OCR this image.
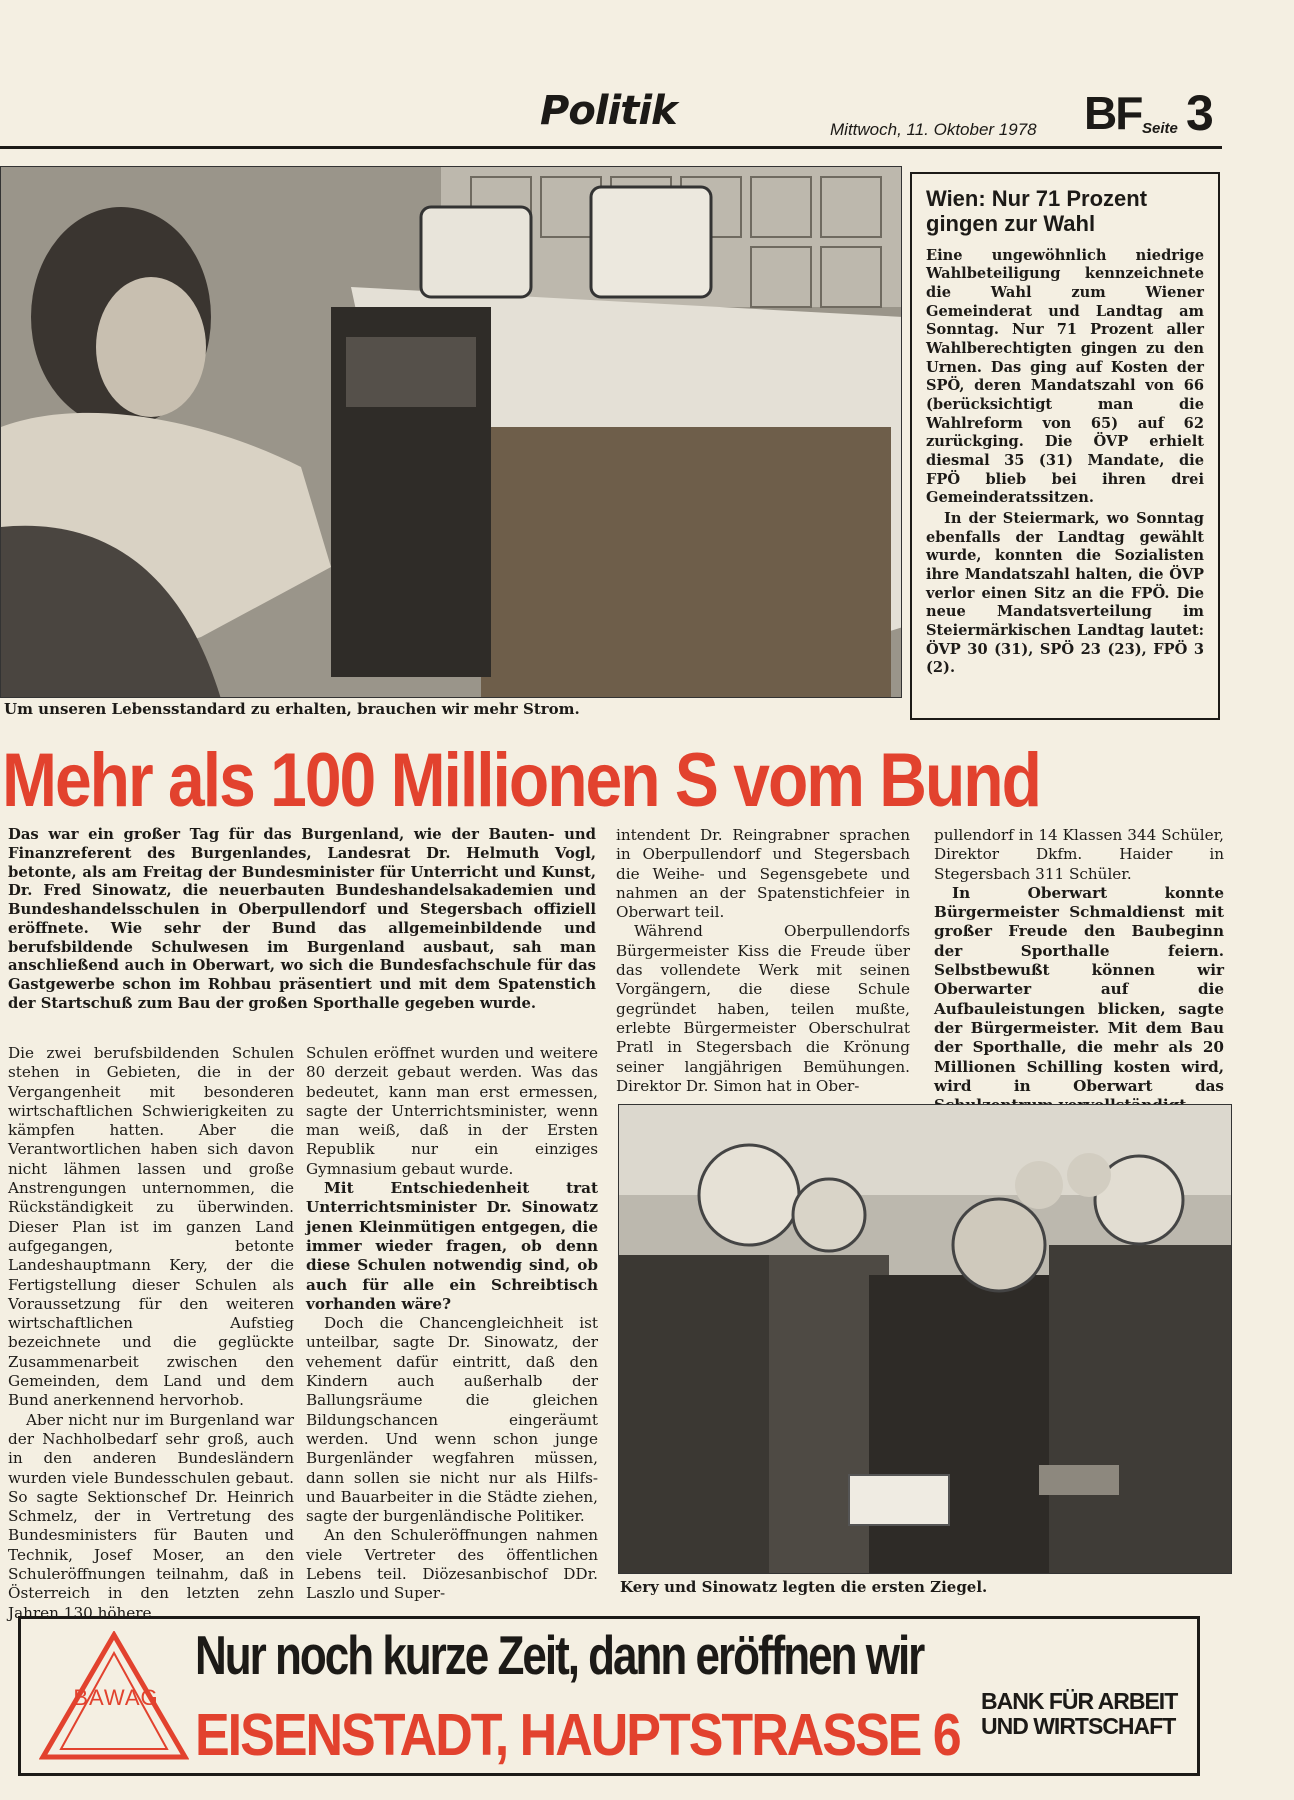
Politik	Mittwoch, 11. Oktober 1978 BF Seite 3
Um unseren Lebensstandard zu erhalten, brauchen wir mehr Strom.
Wien: Nur 71 Prozent gingen zur Wahl

Eine ungewöhnlich niedrige Wahlbeteiligung kennzeichnete die Wahl zum Wiener Gemeinderat und Landtag am Sonntag. Nur 71 Prozent aller Wahlberechtigten gingen zu den Urnen. Das ging auf Kosten der SPÖ, deren Mandatszahl von 66 (berücksichtigt man die Wahlreform von 65) auf 62 zurückging. Die ÖVP erhielt diesmal 35 (31) Mandate, die FPÖ blieb bei ihren drei Gemeinderatssitzen.

In der Steiermark, wo Sonntag ebenfalls der Landtag gewählt wurde, konnten die Sozialisten ihre Mandatszahl halten, die ÖVP verlor einen Sitz an die FPÖ. Die neue Mandatsverteilung im Steiermärkischen Landtag lautet: ÖVP 30 (31), SPÖ 23 (23), FPÖ 3 (2).

Mehr als 100 Millionen S vom Bund

Das war ein großer Tag für das Burgenland, wie der Bauten- und Finanzreferent des Burgenlandes, Landesrat Dr. Helmuth Vogl, betonte, als am Freitag der Bundesminister für Unterricht und Kunst, Dr. Fred Sinowatz, die neuerbauten Bundeshandelsakademien und Bundeshandelsschulen in Oberpullendorf und Stegersbach offiziell eröffnete. Wie sehr der Bund das allgemeinbildende und berufsbildende Schulwesen im Burgenland ausbaut, sah man anschließend auch in Oberwart, wo sich die Bundesfachschule für das Gastgewerbe schon im Rohbau präsentiert und mit dem Spatenstich der Startschuß zum Bau der großen Sporthalle gegeben wurde.

Die zwei berufsbildenden Schulen stehen in Gebieten, die in der Vergangenheit mit besonderen wirtschaftlichen Schwierigkeiten zu kämpfen hatten. Aber die Verantwortlichen haben sich davon nicht lähmen lassen und große Anstrengungen unternommen, die Rückständigkeit zu überwinden. Dieser Plan ist im ganzen Land aufgegangen, betonte Landeshauptmann Kery, der die Fertigstellung dieser Schulen als Voraussetzung für den weiteren wirtschaftlichen Aufstieg bezeichnete und die geglückte Zusammenarbeit zwischen den Gemeinden, dem Land und dem Bund anerkennend hervorhob.

Aber nicht nur im Burgenland war der Nachholbedarf sehr groß, auch in den anderen Bundesländern wurden viele Bundesschulen gebaut. So sagte Sektionschef Dr. Heinrich Schmelz, der in Vertretung des Bundesministers für Bauten und Technik, Josef Moser, an den Schuleröffnungen teilnahm, daß in Österreich in den letzten zehn Jahren 130 höhere

Schulen eröffnet wurden und weitere 80 derzeit gebaut werden. Was das bedeutet, kann man erst ermessen, sagte der Unterrichtsminister, wenn man weiß, daß in der Ersten Republik nur ein einziges Gymnasium gebaut wurde.

Mit Entschiedenheit trat Unterrichtsminister Dr. Sinowatz jenen Kleinmütigen entgegen, die immer wieder fragen, ob denn diese Schulen notwendig sind, ob auch für alle ein Schreibtisch vorhanden wäre?

Doch die Chancengleichheit ist unteilbar, sagte Dr. Sinowatz, der vehement dafür eintritt, daß den Kindern auch außerhalb der Ballungsräume die gleichen Bildungschancen eingeräumt werden. Und wenn schon junge Burgenländer wegfahren müssen, dann sollen sie nicht nur als Hilfs- und Bauarbeiter in die Städte ziehen, sagte der burgenländische Politiker.

An den Schuleröffnungen nahmen viele Vertreter des öffentlichen Lebens teil. Diözesanbischof DDr. Laszlo und Super-

intendent Dr. Reingrabner sprachen in Oberpullendorf und Stegersbach die Weihe- und Segensgebete und nahmen an der Spatenstichfeier in Oberwart teil.

Während Oberpullendorfs Bürgermeister Kiss die Freude über das vollendete Werk mit seinen Vorgängern, die diese Schule gegründet haben, teilen mußte, erlebte Bürgermeister Oberschulrat Pratl in Stegersbach die Krönung seiner langjährigen Bemühungen. Direktor Dr. Simon hat in Ober-

pullendorf in 14 Klassen 344 Schüler, Direktor Dkfm. Haider in Stegersbach 311 Schüler.

In Oberwart konnte Bürgermeister Schmaldienst mit großer Freude den Baubeginn der Sporthalle feiern. Selbstbewußt können wir Oberwarter auf die Aufbauleistungen blicken, sagte der Bürgermeister. Mit dem Bau der Sporthalle, die mehr als 20 Millionen Schilling kosten wird, wird in Oberwart das

Kery und Sinowatz legten die ersten Ziegel.
BAWAG
Nur noch kurze Zeit, dann eröffnen wir
EISENSTADT, HAUPTSTRASSE 6
BANK FÜR ARBEIT
UND WIRTSCHAFT
